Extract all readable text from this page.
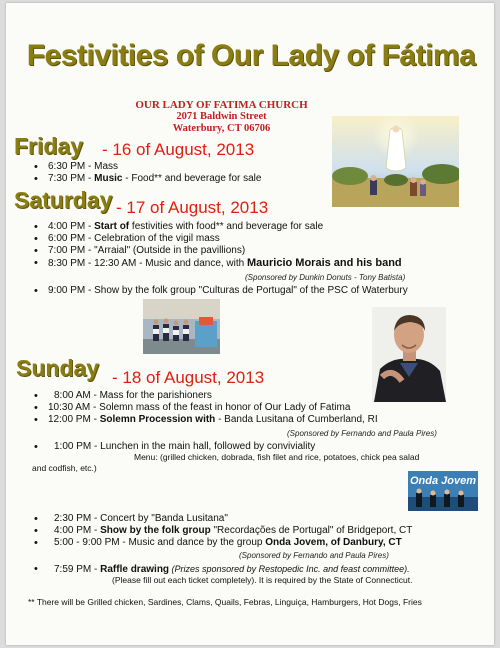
Festivities of Our Lady of Fátima
OUR LADY OF FATIMA CHURCH
2071 Baldwin Street
Waterbury, CT 06706
Friday - 16 of August, 2013
• 6:30 PM - Mass
• 7:30 PM - Music - Food** and beverage for sale
Saturday - 17 of August, 2013
• 4:00 PM - Start of festivities with food** and beverage for sale
• 6:00 PM - Celebration of the vigil mass
• 7:00 PM - "Arraial" (Outside in the pavillions)
• 8:30 PM - 12:30 AM - Music and dance, with Mauricio Morais and his band
(Sponsored by Dunkin Donuts - Tony Batista)
• 9:00 PM - Show by the folk group "Culturas de Portugal" of the PSC of Waterbury
Sunday - 18 of August, 2013
• 8:00 AM - Mass for the parishioners
• 10:30 AM - Solemn mass of the feast in honor of Our Lady of Fatima
• 12:00 PM - Solemn Procession with - Banda Lusitana of Cumberland, RI
(Sponsored by Fernando and Paula Pires)
• 1:00 PM - Lunchen in the main hall, followed by conviviality
Menu: (grilled chicken, dobrada, fish filet and rice, potatoes, chick pea salad
and codfish, etc.)
Onda Jovem
• 2:30 PM - Concert by "Banda Lusitana"
• 4:00 PM - Show by the folk group "Recordações de Portugal" of Bridgeport, CT
• 5:00 - 9:00 PM - Music and dance by the group Onda Jovem, of Danbury, CT
(Sponsored by Fernando and Paula Pires)
• 7:59 PM - Raffle drawing (Prizes sponsored by Restopedic Inc. and feast committee).
(Please fill out each ticket completely). It is required by the State of Connecticut.
** There will be Grilled chicken, Sardines, Clams, Quails, Febras, Linguiça, Hamburgers, Hot Dogs, Fries
